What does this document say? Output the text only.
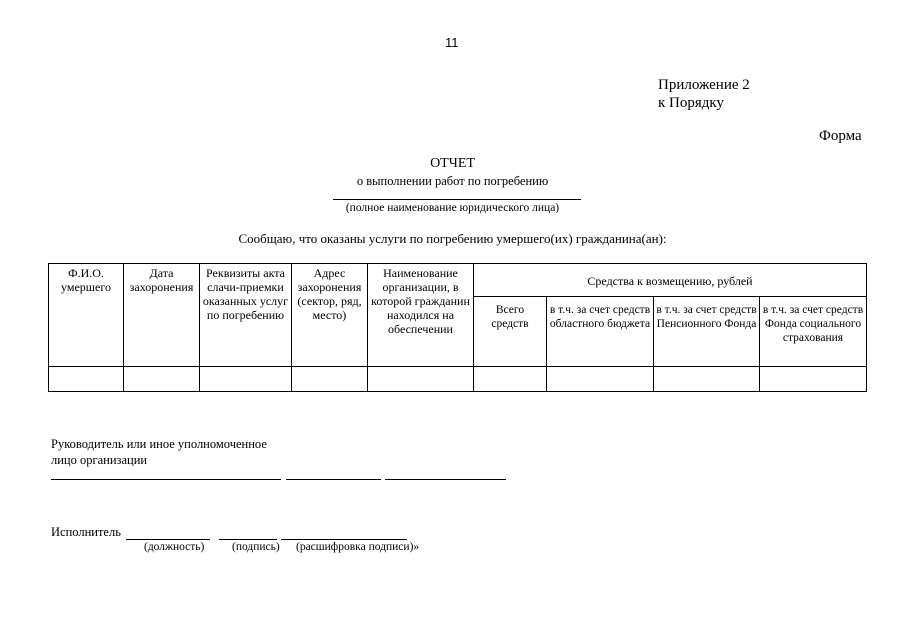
11
Приложение 2
к Порядку
Форма
ОТЧЕТ
о выполнении работ по погребению
(полное наименование юридического лица)
Сообщаю, что оказаны услуги по погребению умершего(их) гражданина(ан):
Ф.И.О. умершего	Дата захоронения	Реквизиты акта слачи-приемки оказанных услуг по погребению	Адрес захоронения (сектор, ряд, место)	Наименование организации, в которой гражданин находился на обеспечении	Средства к возмещению, рублей			
					Всего средств	в т.ч. за счет средств областного бюджета	в т.ч. за счет средств Пенсионного Фонда	в т.ч. за счет средств Фонда социального страхования

Руководитель или иное уполномоченное
лицо организации
Исполнитель
(должность) (подпись) (расшифровка подписи)»
